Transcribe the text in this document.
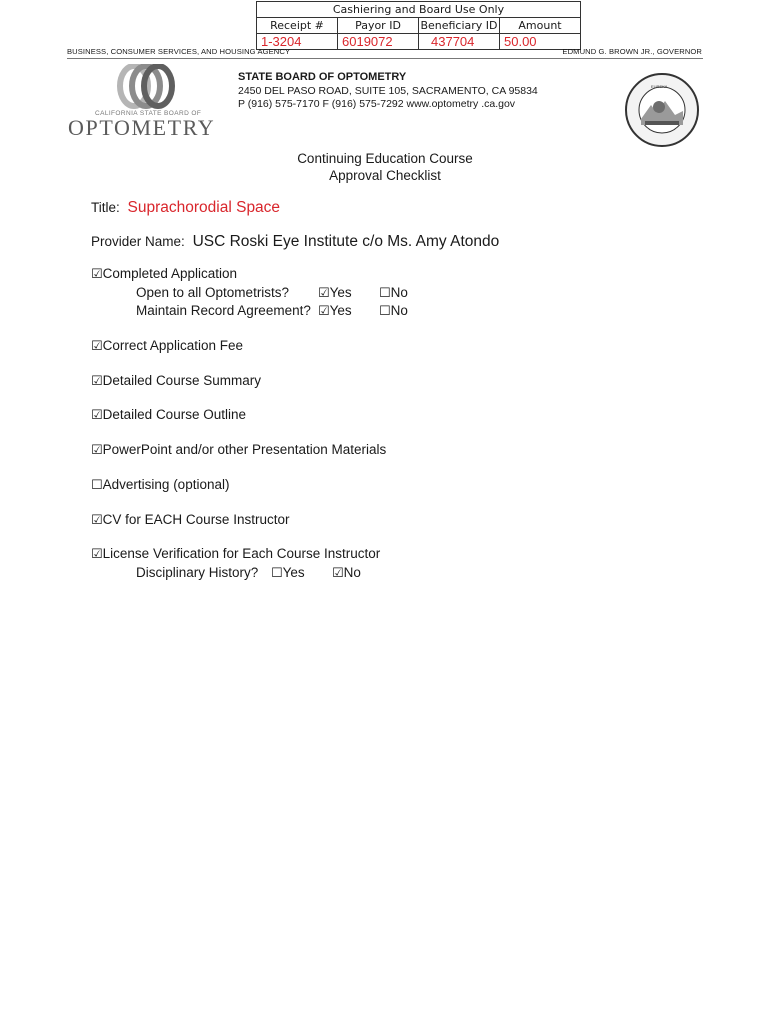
Cashiering and Board Use Only			
Receipt #	Payor ID	Beneficiary ID	Amount
1-3204	6019072	437704	50.00
BUSINESS, CONSUMER SERVICES, AND HOUSING AGENCY	EDMUND G. BROWN JR., GOVERNOR
CALIFORNIA STATE BOARD OF
OPTOMETRY
STATE BOARD OF OPTOMETRY
2450 DEL PASO ROAD, SUITE 105, SACRAMENTO, CA 95834
P (916) 575-7170 F (916) 575-7292 www.optometry .ca.gov
EUREKA
Continuing Education Course
Approval Checklist
Title: Suprachorodial Space
Provider Name: USC Roski Eye Institute c/o Ms. Amy Atondo
☑Completed Application
Open to all Optometrists? ☑Yes ☐No
Maintain Record Agreement? ☑Yes ☐No
☑Correct Application Fee
☑Detailed Course Summary
☑Detailed Course Outline
☑PowerPoint and/or other Presentation Materials
☐Advertising (optional)
☑CV for EACH Course Instructor
☑License Verification for Each Course Instructor
Disciplinary History? ☐Yes ☑No
